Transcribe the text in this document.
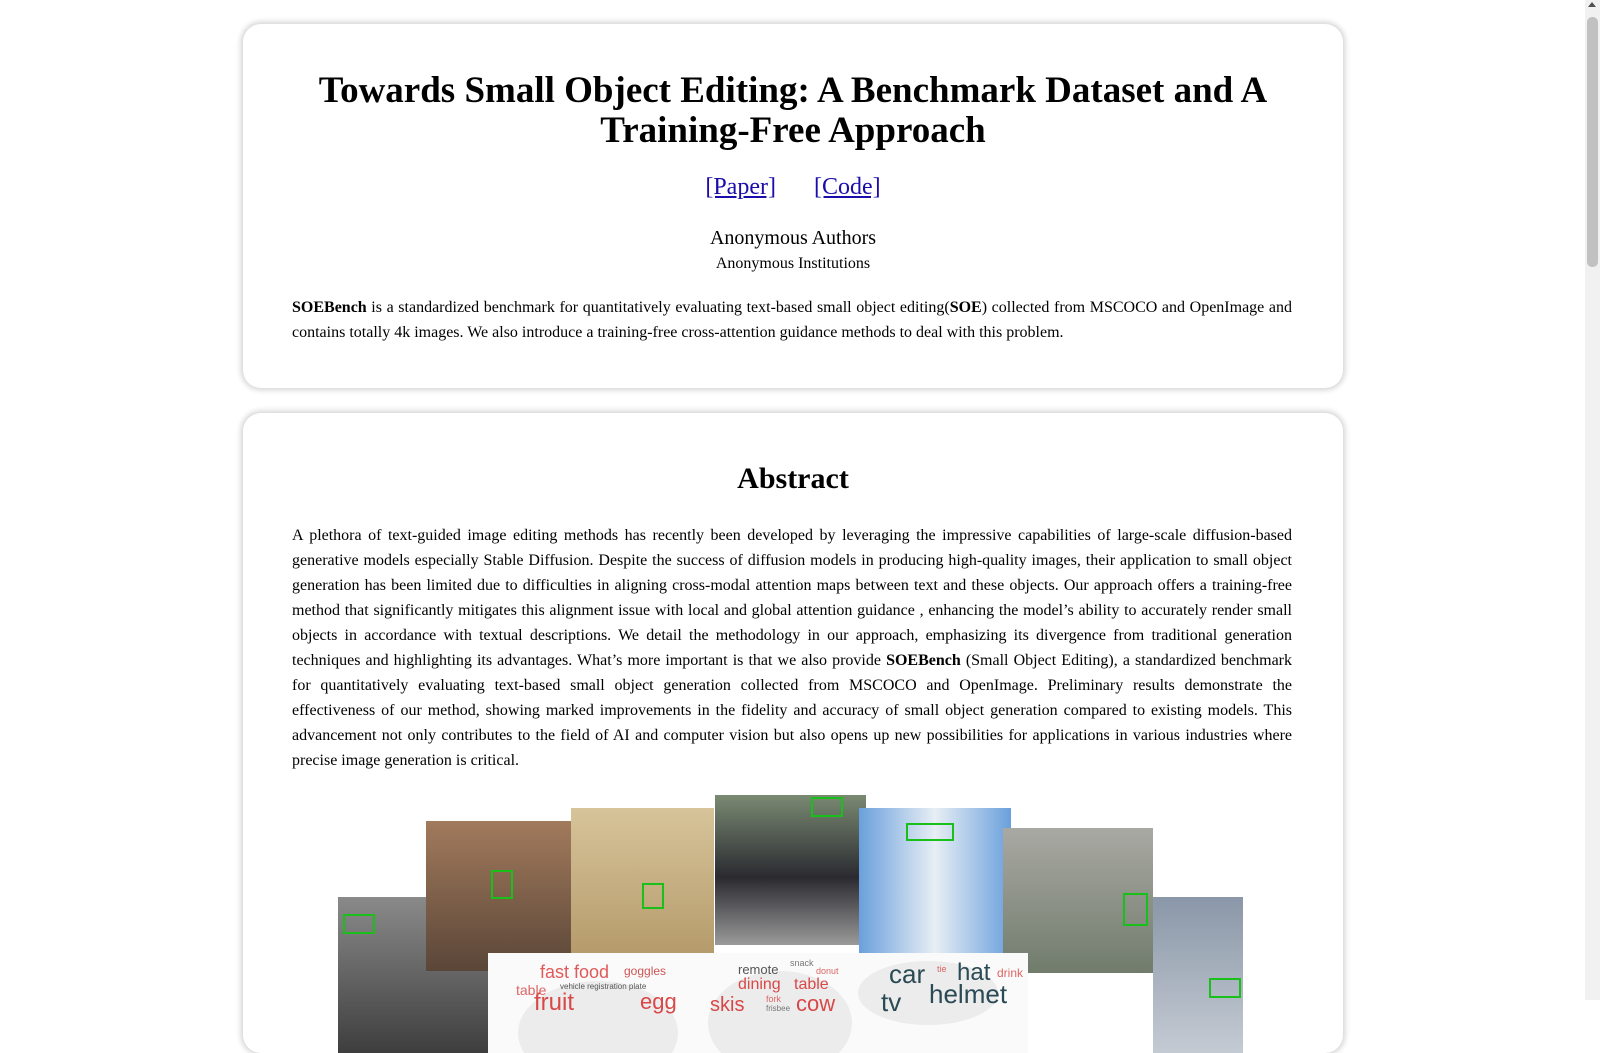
Towards Small Object Editing: A Benchmark Dataset and A Training-Free Approach
[Paper] [Code]
Anonymous Authors
Anonymous Institutions

SOEBench is a standardized benchmark for quantitatively evaluating text-based small object editing(SOE) collected from MSCOCO and OpenImage and contains totally 4k images. We also introduce a training-free cross-attention guidance methods to deal with this problem.

Abstract

A plethora of text-guided image editing methods has recently been developed by leveraging the impressive capabilities of large-scale diffusion-based generative models especially Stable Diffusion. Despite the success of diffusion models in producing high-quality images, their application to small object generation has been limited due to difficulties in aligning cross-modal attention maps between text and these objects. Our approach offers a training-free method that significantly mitigates this alignment issue with local and global attention guidance , enhancing the model’s ability to accurately render small objects in accordance with textual descriptions. We detail the methodology in our approach, emphasizing its divergence from traditional generation techniques and highlighting its advantages. What’s more important is that we also provide SOEBench (Small Object Editing), a standardized benchmark for quantitatively evaluating text-based small object generation collected from MSCOCO and OpenImage. Preliminary results demonstrate the effectiveness of our method, showing marked improvements in the fidelity and accuracy of small object generation compared to existing models. This advancement not only contributes to the field of AI and computer vision but also opens up new possibilities for applications in various industries where precise image generation is critical.

fast food goggles
vehicle registration plate
fruit	egg
table
remote snack
donut
dining table
cow
skis fork
frisbee
car hat drink
helmet
tv
tie
